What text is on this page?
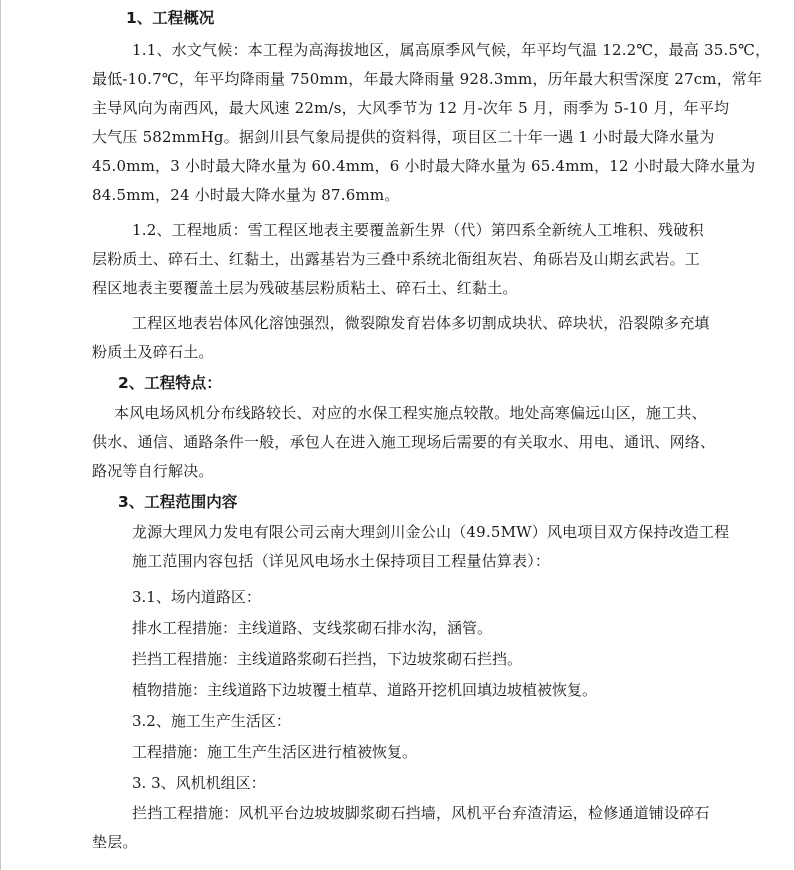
1、工程概况
1.1、水文气候：本工程为高海拔地区，属高原季风气候，年平均气温 12.2℃，最高 35.5℃，
最低-10.7℃，年平均降雨量 750mm，年最大降雨量 928.3mm，历年最大积雪深度 27cm，常年
主导风向为南西风，最大风速 22m/s，大风季节为 12 月-次年 5 月，雨季为 5-10 月，年平均
大气压 582mmHg。据剑川县气象局提供的资料得，项目区二十年一遇 1 小时最大降水量为
45.0mm，3 小时最大降水量为 60.4mm，6 小时最大降水量为 65.4mm，12 小时最大降水量为
84.5mm，24 小时最大降水量为 87.6mm。
1.2、工程地质：雪工程区地表主要覆盖新生界（代）第四系全新统人工堆积、残破积
层粉质土、碎石土、红黏土，出露基岩为三叠中系统北衙组灰岩、角砾岩及山期玄武岩。工
程区地表主要覆盖土层为残破基层粉质粘土、碎石土、红黏土。
工程区地表岩体风化溶蚀强烈，微裂隙发育岩体多切割成块状、碎块状，沿裂隙多充填
粉质土及碎石土。
2、工程特点：
本风电场风机分布线路较长、对应的水保工程实施点较散。地处高寒偏远山区，施工共、
供水、通信、通路条件一般，承包人在进入施工现场后需要的有关取水、用电、通讯、网络、
路况等自行解决。
3、工程范围内容
龙源大理风力发电有限公司云南大理剑川金公山（49.5MW）风电项目双方保持改造工程
施工范围内容包括（详见风电场水土保持项目工程量估算表）：
3.1、场内道路区：
排水工程措施：主线道路、支线浆砌石排水沟，涵管。
拦挡工程措施：主线道路浆砌石拦挡，下边坡浆砌石拦挡。
植物措施：主线道路下边坡覆土植草、道路开挖机回填边坡植被恢复。
3.2、施工生产生活区：
工程措施：施工生产生活区进行植被恢复。
3. 3、风机机组区：
拦挡工程措施：风机平台边坡坡脚浆砌石挡墙，风机平台弃渣清运，检修通道铺设碎石
垫层。
